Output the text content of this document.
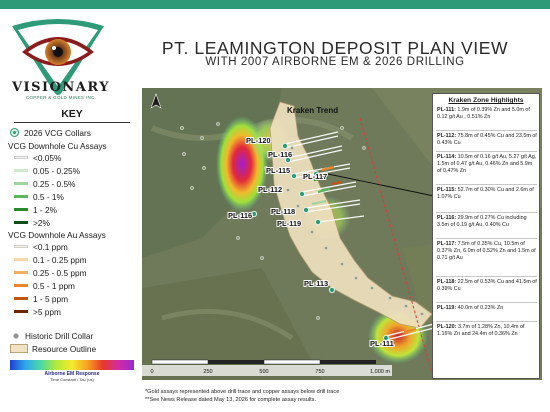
VISIONARY
COPPER & GOLD MINES INC.
PT. LEAMINGTON DEPOSIT PLAN VIEW
WITH 2007 AIRBORNE EM & 2026 DRILLING
KEY
2026 VCG Collars
VCG Downhole Cu Assays
<0.05%
0.05 - 0.25%
0.25 - 0.5%
0.5 - 1%
1 - 2%
>2%
VCG Downhole Au Assays
<0.1 ppm
0.1 - 0.25 ppm
0.25 - 0.5 ppm
0.5 - 1 ppm
1 - 5 ppm
>5 ppm
Historic Drill Collar
Resource Outline
Airborne EM Response
Time Constant / Tau (us)
Kraken Trend
PL-120
PL-116
PL-115
PL-117
PL-112
PL-118
PL-119
PL-116
PL-113
PL-111
0	250	500	750	1,000 m
Kraken Zone Highlights
PL-111: 1.9m of 0.39% Zn and 5.0m of 0.12 g/t Au , 0.51% Zn
PL-112: 75.8m of 0.45% Cu and 23.5m of 0.43% Cu
PL-114: 10.5m of 0.16 g/t Au, 5.27 g/t Ag, 1.5m of 0.47 g/t Au, 0.46% Zn and 5.9m of 0.47% Zn
PL-115: 52.7m of 0.30% Cu and 2.6m of 1.07% Cu
PL-116: 29.9m of 0.27% Cu including 3.5m of 0.19 g/t Au, 0.40% Cu
PL-117: 7.5m of 0.35% Cu, 10.5m of 0.37% Zn, 6.0m of 0.52% Zn and 1.5m of 0.71 g/t Au
PL-118: 22.5m of 0.53% Cu and 41.5m of 0.39% Cu
PL-119: 40.0m of 0.23% Zn
PL-120: 3.7m of 1.28% Zn, 10.4m of 1.16% Zn and 24.4m of 0.36% Zn
*Gold assays represented above drill trace and copper assays below drill trace
**See News Release dated May 13, 2026 for complete assay results.
